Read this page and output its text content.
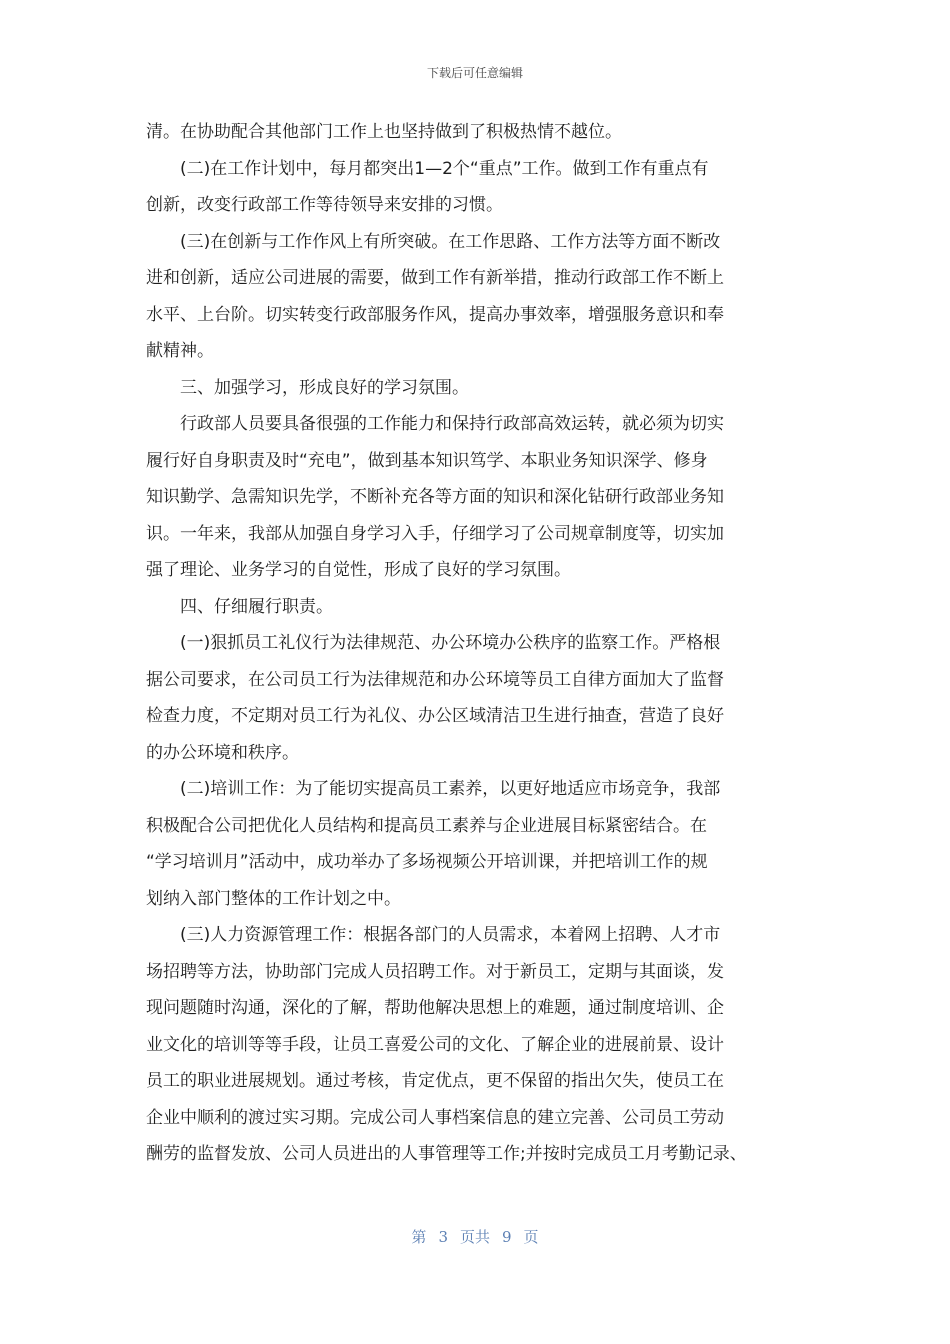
下载后可任意编辑
清。在协助配合其他部门工作上也坚持做到了积极热情不越位。
(二)在工作计划中，每月都突出1—2个“重点”工作。做到工作有重点有
创新，改变行政部工作等待领导来安排的习惯。
(三)在创新与工作作风上有所突破。在工作思路、工作方法等方面不断改
进和创新，适应公司进展的需要，做到工作有新举措，推动行政部工作不断上
水平、上台阶。切实转变行政部服务作风，提高办事效率，增强服务意识和奉
献精神。
三、加强学习，形成良好的学习氛围。
行政部人员要具备很强的工作能力和保持行政部高效运转，就必须为切实
履行好自身职责及时“充电”，做到基本知识笃学、本职业务知识深学、修身
知识勤学、急需知识先学，不断补充各等方面的知识和深化钻研行政部业务知
识。一年来，我部从加强自身学习入手，仔细学习了公司规章制度等，切实加
强了理论、业务学习的自觉性，形成了良好的学习氛围。
四、仔细履行职责。
(一)狠抓员工礼仪行为法律规范、办公环境办公秩序的监察工作。严格根
据公司要求，在公司员工行为法律规范和办公环境等员工自律方面加大了监督
检查力度，不定期对员工行为礼仪、办公区域清洁卫生进行抽查，营造了良好
的办公环境和秩序。
(二)培训工作：为了能切实提高员工素养，以更好地适应市场竞争，我部
积极配合公司把优化人员结构和提高员工素养与企业进展目标紧密结合。在
“学习培训月”活动中，成功举办了多场视频公开培训课，并把培训工作的规
划纳入部门整体的工作计划之中。
(三)人力资源管理工作：根据各部门的人员需求，本着网上招聘、人才市
场招聘等方法，协助部门完成人员招聘工作。对于新员工，定期与其面谈，发
现问题随时沟通，深化的了解，帮助他解决思想上的难题，通过制度培训、企
业文化的培训等等手段，让员工喜爱公司的文化、了解企业的进展前景、设计
员工的职业进展规划。通过考核，肯定优点，更不保留的指出欠失，使员工在
企业中顺利的渡过实习期。完成公司人事档案信息的建立完善、公司员工劳动
酬劳的监督发放、公司人员进出的人事管理等工作;并按时完成员工月考勤记录、
第 3 页共 9 页
